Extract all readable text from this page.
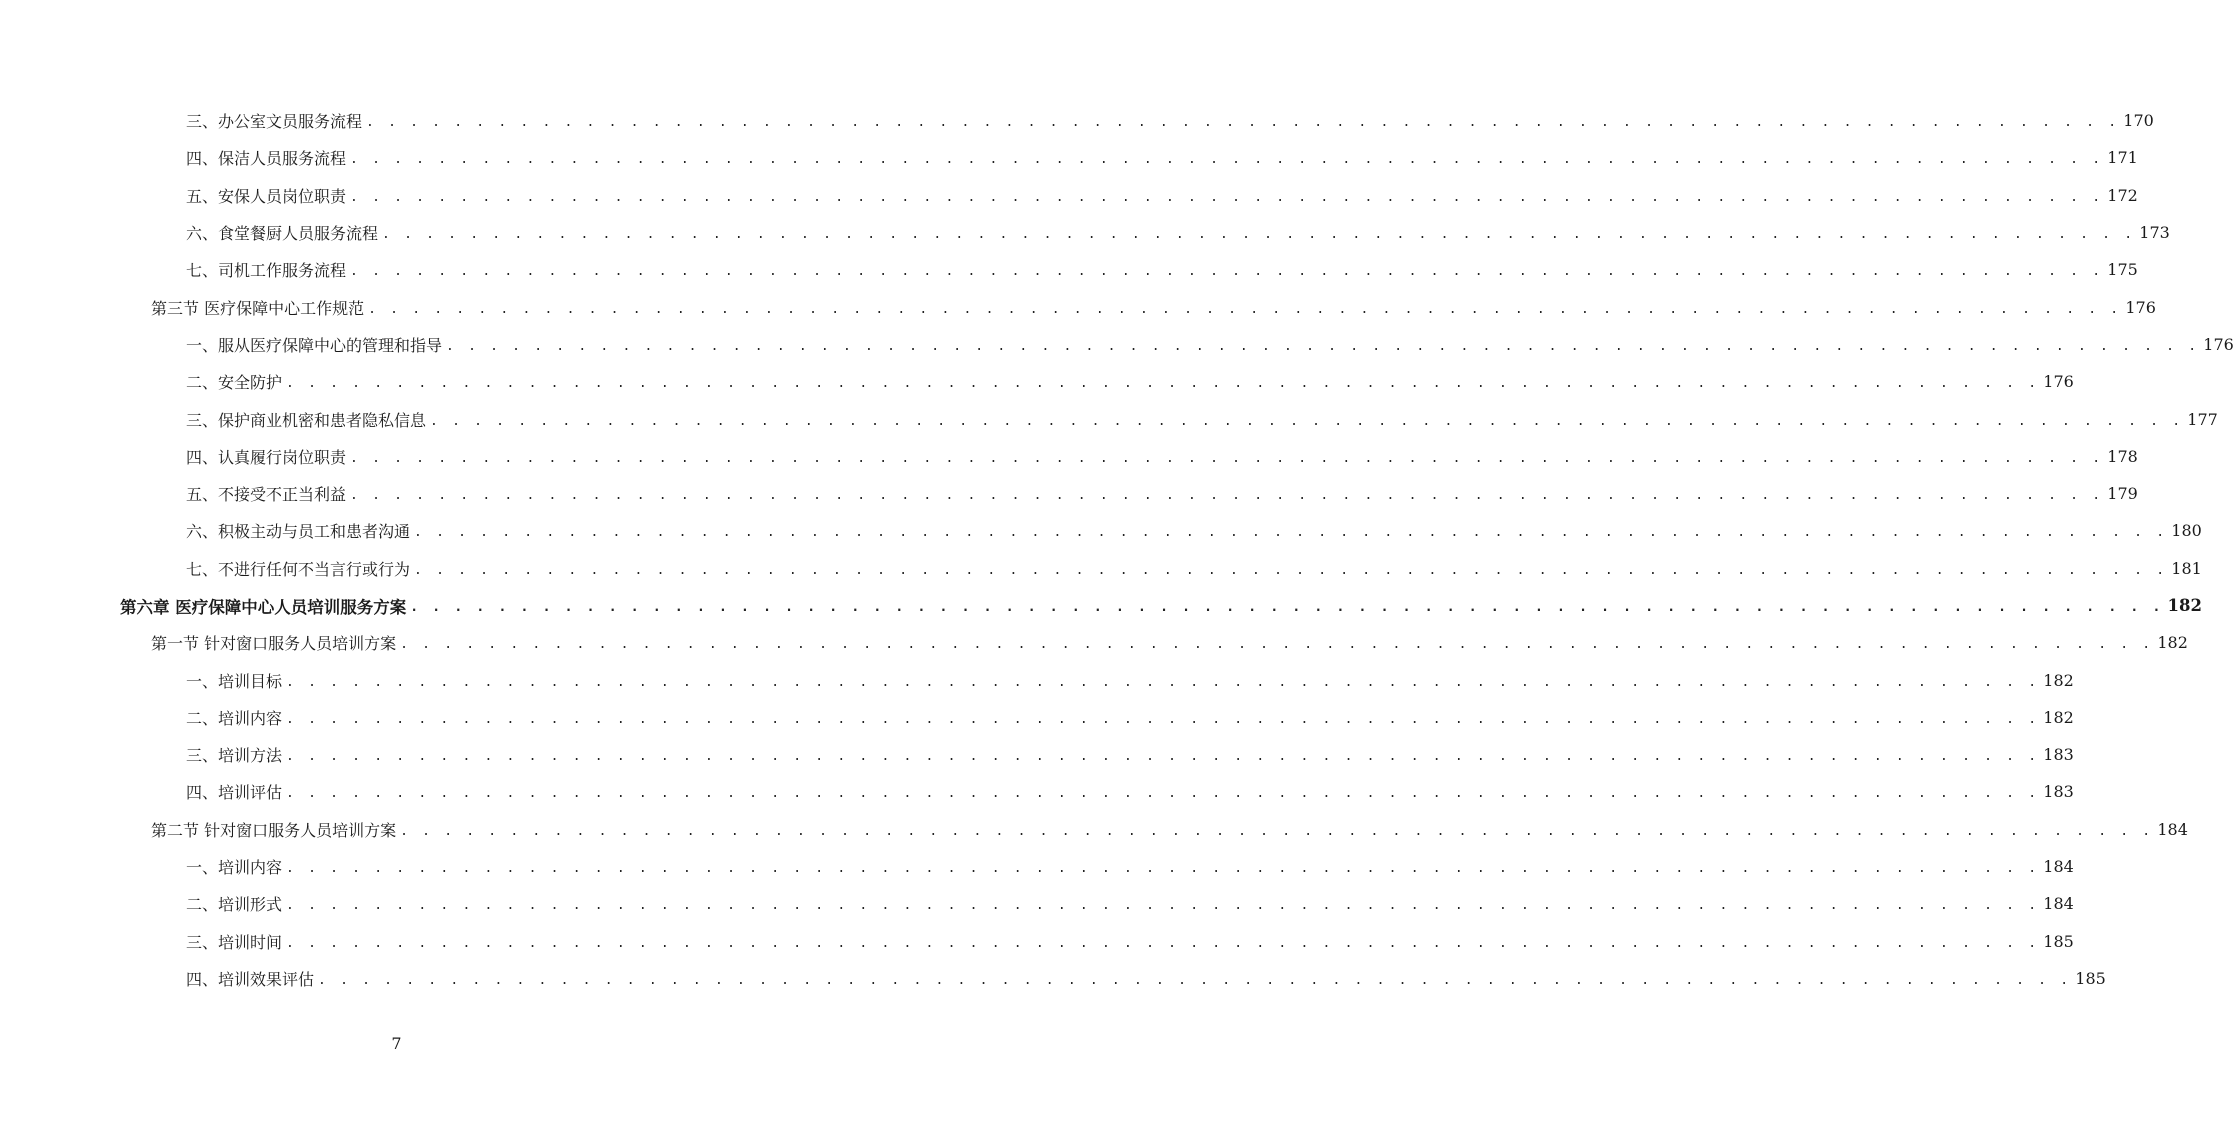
三、办公室文员服务流程 . . . . . . . . . . . . . . . . . . . . . . . . . . . . . . . . . . . . . . . . . . . . . . . . . . . . . . . . . . . . . . . . . . . . . . . . . . . . . . . . 170
四、保洁人员服务流程 . . . . . . . . . . . . . . . . . . . . . . . . . . . . . . . . . . . . . . . . . . . . . . . . . . . . . . . . . . . . . . . . . . . . . . . . . . . . . . . . 171
五、安保人员岗位职责 . . . . . . . . . . . . . . . . . . . . . . . . . . . . . . . . . . . . . . . . . . . . . . . . . . . . . . . . . . . . . . . . . . . . . . . . . . . . . . . . 172
六、食堂餐厨人员服务流程 . . . . . . . . . . . . . . . . . . . . . . . . . . . . . . . . . . . . . . . . . . . . . . . . . . . . . . . . . . . . . . . . . . . . . . . . . . . . . . . . 173
七、司机工作服务流程 . . . . . . . . . . . . . . . . . . . . . . . . . . . . . . . . . . . . . . . . . . . . . . . . . . . . . . . . . . . . . . . . . . . . . . . . . . . . . . . . 175
第三节 医疗保障中心工作规范 . . . . . . . . . . . . . . . . . . . . . . . . . . . . . . . . . . . . . . . . . . . . . . . . . . . . . . . . . . . . . . . . . . . . . . . . . . . . . . . . 176
一、服从医疗保障中心的管理和指导 . . . . . . . . . . . . . . . . . . . . . . . . . . . . . . . . . . . . . . . . . . . . . . . . . . . . . . . . . . . . . . . . . . . . . . . . . . . . . . . . 176
二、安全防护 . . . . . . . . . . . . . . . . . . . . . . . . . . . . . . . . . . . . . . . . . . . . . . . . . . . . . . . . . . . . . . . . . . . . . . . . . . . . . . . . 176
三、保护商业机密和患者隐私信息 . . . . . . . . . . . . . . . . . . . . . . . . . . . . . . . . . . . . . . . . . . . . . . . . . . . . . . . . . . . . . . . . . . . . . . . . . . . . . . . . 177
四、认真履行岗位职责 . . . . . . . . . . . . . . . . . . . . . . . . . . . . . . . . . . . . . . . . . . . . . . . . . . . . . . . . . . . . . . . . . . . . . . . . . . . . . . . . 178
五、不接受不正当利益 . . . . . . . . . . . . . . . . . . . . . . . . . . . . . . . . . . . . . . . . . . . . . . . . . . . . . . . . . . . . . . . . . . . . . . . . . . . . . . . . 179
六、积极主动与员工和患者沟通 . . . . . . . . . . . . . . . . . . . . . . . . . . . . . . . . . . . . . . . . . . . . . . . . . . . . . . . . . . . . . . . . . . . . . . . . . . . . . . . . 180
七、不进行任何不当言行或行为 . . . . . . . . . . . . . . . . . . . . . . . . . . . . . . . . . . . . . . . . . . . . . . . . . . . . . . . . . . . . . . . . . . . . . . . . . . . . . . . . 181
第六章 医疗保障中心人员培训服务方案 . . . . . . . . . . . . . . . . . . . . . . . . . . . . . . . . . . . . . . . . . . . . . . . . . . . . . . . . . . . . . . . . . . . . . . . . . . . . . . . . 182
第一节 针对窗口服务人员培训方案 . . . . . . . . . . . . . . . . . . . . . . . . . . . . . . . . . . . . . . . . . . . . . . . . . . . . . . . . . . . . . . . . . . . . . . . . . . . . . . . . 182
一、培训目标 . . . . . . . . . . . . . . . . . . . . . . . . . . . . . . . . . . . . . . . . . . . . . . . . . . . . . . . . . . . . . . . . . . . . . . . . . . . . . . . . 182
二、培训内容 . . . . . . . . . . . . . . . . . . . . . . . . . . . . . . . . . . . . . . . . . . . . . . . . . . . . . . . . . . . . . . . . . . . . . . . . . . . . . . . . 182
三、培训方法 . . . . . . . . . . . . . . . . . . . . . . . . . . . . . . . . . . . . . . . . . . . . . . . . . . . . . . . . . . . . . . . . . . . . . . . . . . . . . . . . 183
四、培训评估 . . . . . . . . . . . . . . . . . . . . . . . . . . . . . . . . . . . . . . . . . . . . . . . . . . . . . . . . . . . . . . . . . . . . . . . . . . . . . . . . 183
第二节 针对窗口服务人员培训方案 . . . . . . . . . . . . . . . . . . . . . . . . . . . . . . . . . . . . . . . . . . . . . . . . . . . . . . . . . . . . . . . . . . . . . . . . . . . . . . . . 184
一、培训内容 . . . . . . . . . . . . . . . . . . . . . . . . . . . . . . . . . . . . . . . . . . . . . . . . . . . . . . . . . . . . . . . . . . . . . . . . . . . . . . . . 184
二、培训形式 . . . . . . . . . . . . . . . . . . . . . . . . . . . . . . . . . . . . . . . . . . . . . . . . . . . . . . . . . . . . . . . . . . . . . . . . . . . . . . . . 184
三、培训时间 . . . . . . . . . . . . . . . . . . . . . . . . . . . . . . . . . . . . . . . . . . . . . . . . . . . . . . . . . . . . . . . . . . . . . . . . . . . . . . . . 185
四、培训效果评估 . . . . . . . . . . . . . . . . . . . . . . . . . . . . . . . . . . . . . . . . . . . . . . . . . . . . . . . . . . . . . . . . . . . . . . . . . . . . . . . . 185
7
